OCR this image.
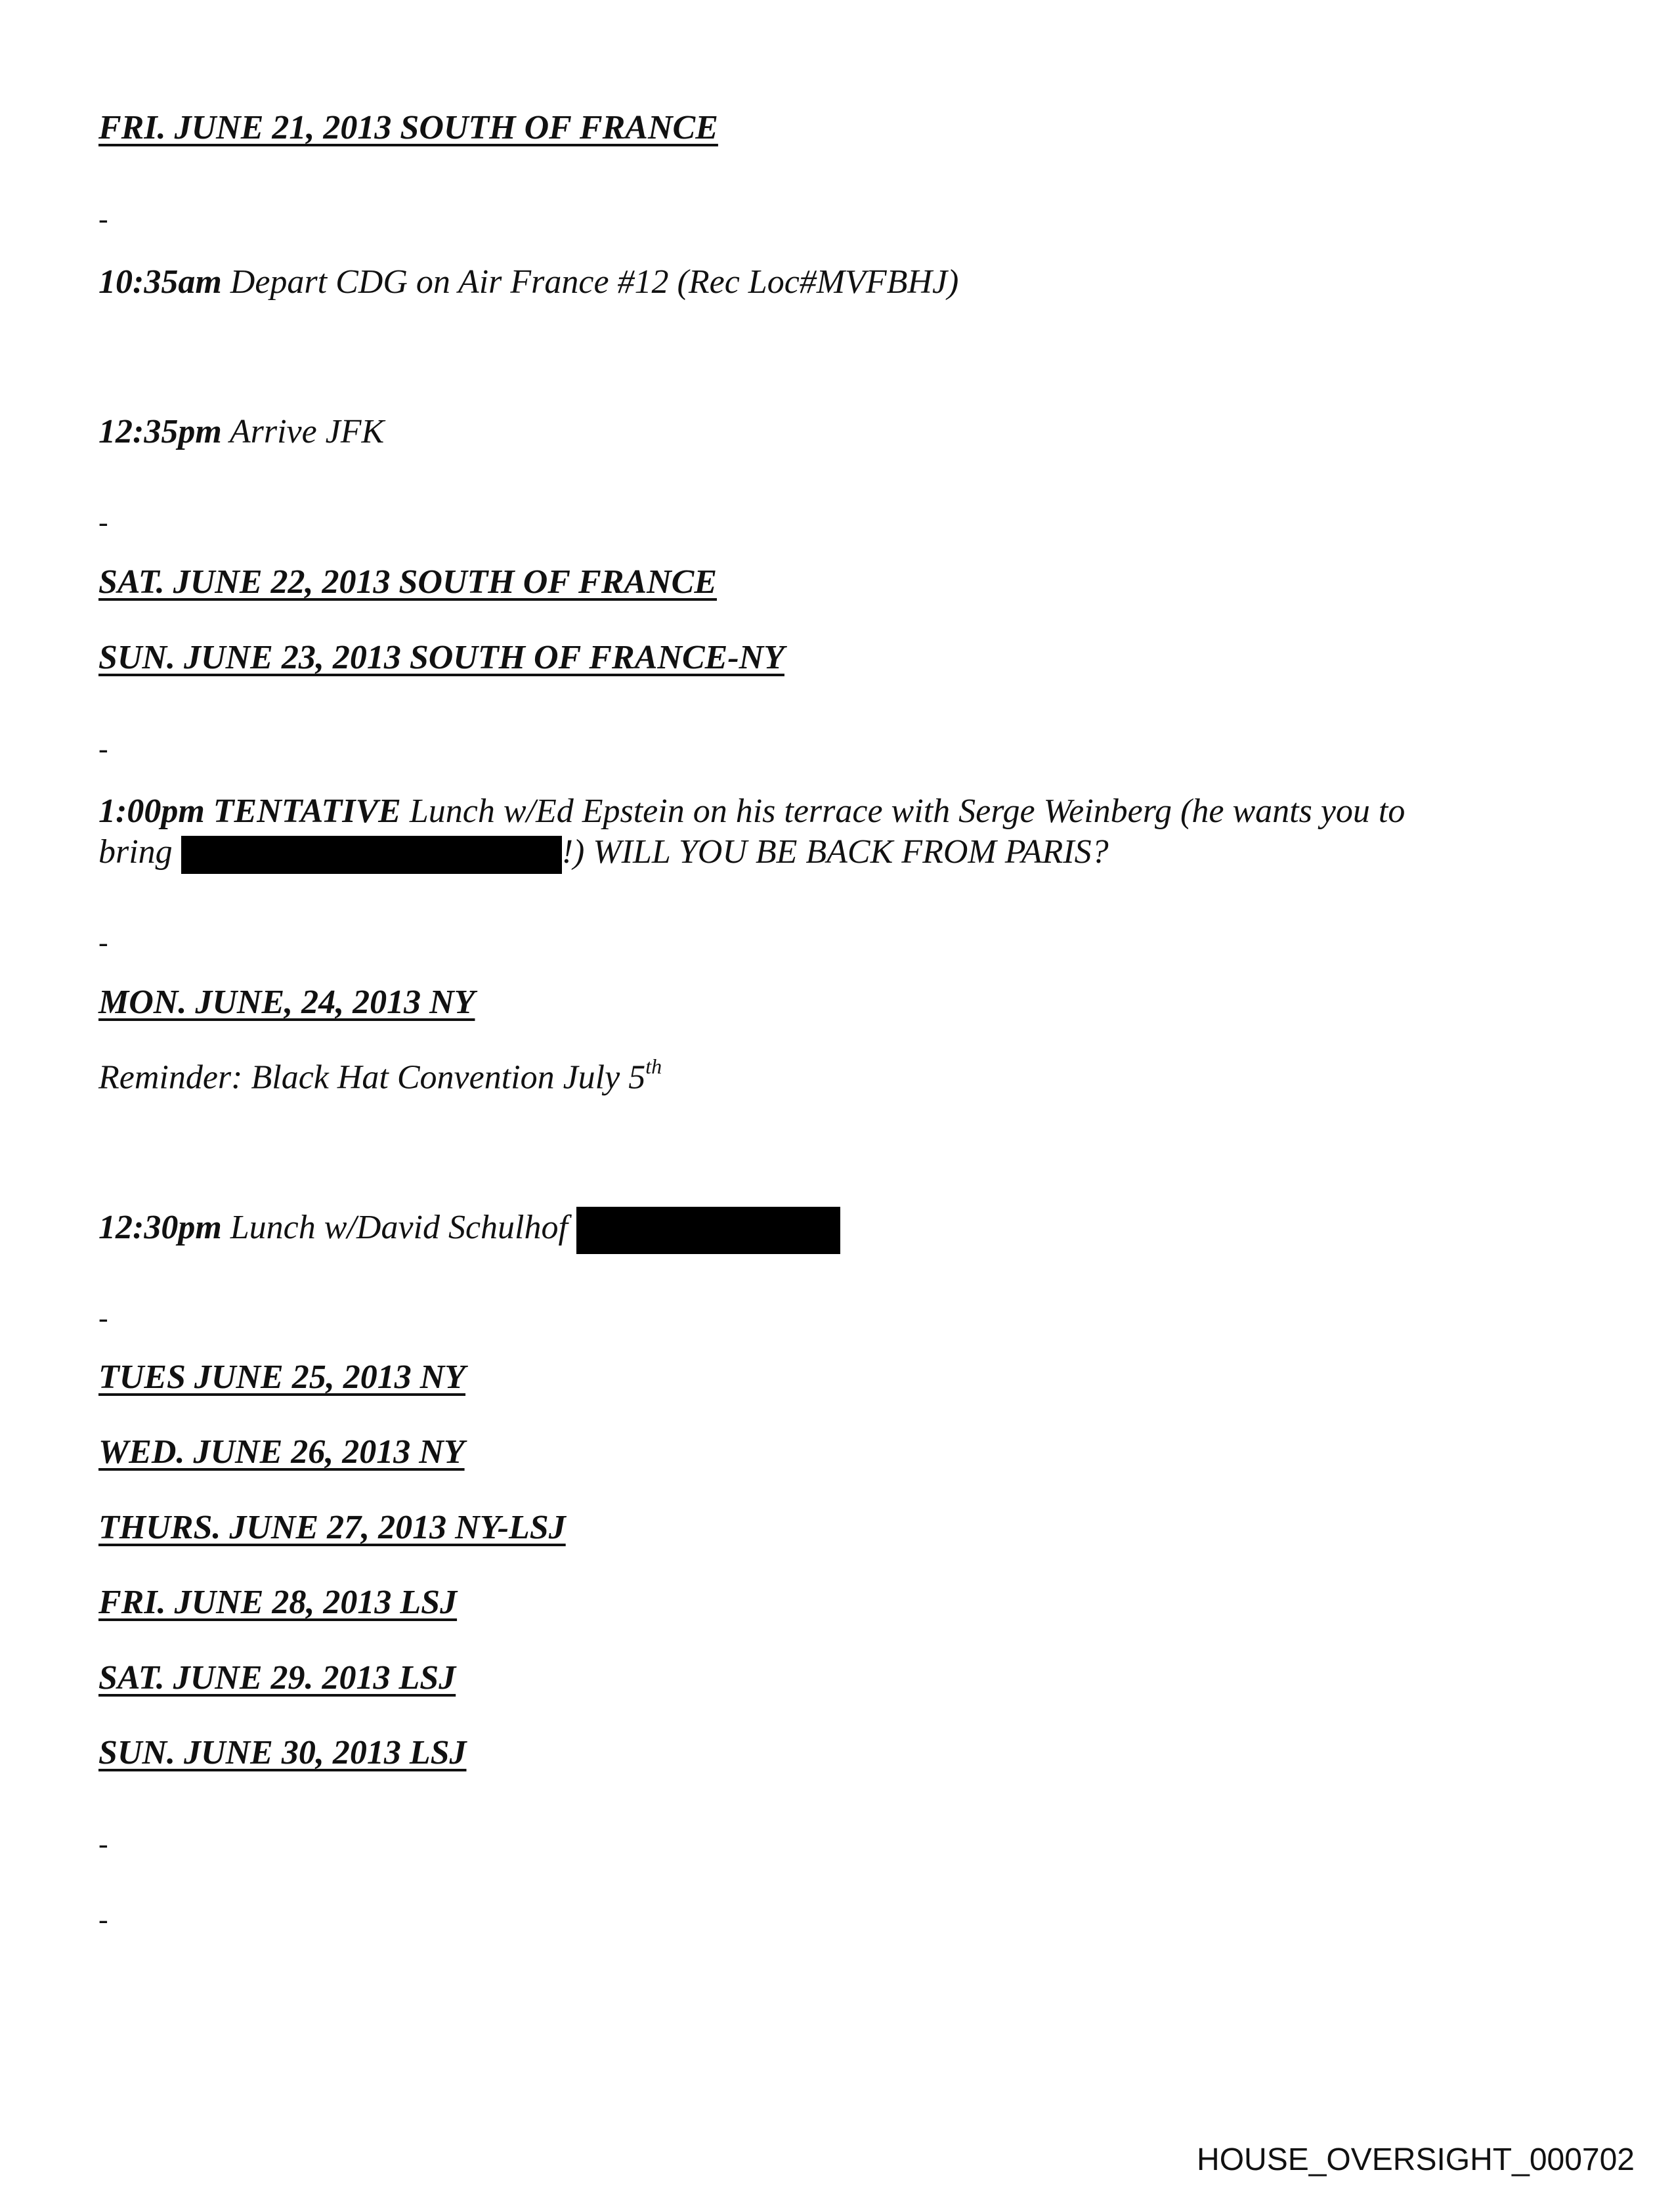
FRI. JUNE 21, 2013 SOUTH OF FRANCE
-
10:35am Depart CDG on Air France #12 (Rec Loc#MVFBHJ)
12:35pm Arrive JFK
-
SAT. JUNE 22, 2013 SOUTH OF FRANCE
SUN. JUNE 23, 2013 SOUTH OF FRANCE-NY
-
1:00pm TENTATIVE Lunch w/Ed Epstein on his terrace with Serge Weinberg (he wants you to
bring	!) WILL YOU BE BACK FROM PARIS?
-
MON. JUNE, 24, 2013 NY
Reminder: Black Hat Convention July 5th
12:30pm Lunch w/David Schulhof
-
TUES JUNE 25, 2013 NY
WED. JUNE 26, 2013 NY
THURS. JUNE 27, 2013 NY-LSJ
FRI. JUNE 28, 2013 LSJ
SAT. JUNE 29. 2013 LSJ
SUN. JUNE 30, 2013 LSJ
-
-
HOUSE_OVERSIGHT_000702
